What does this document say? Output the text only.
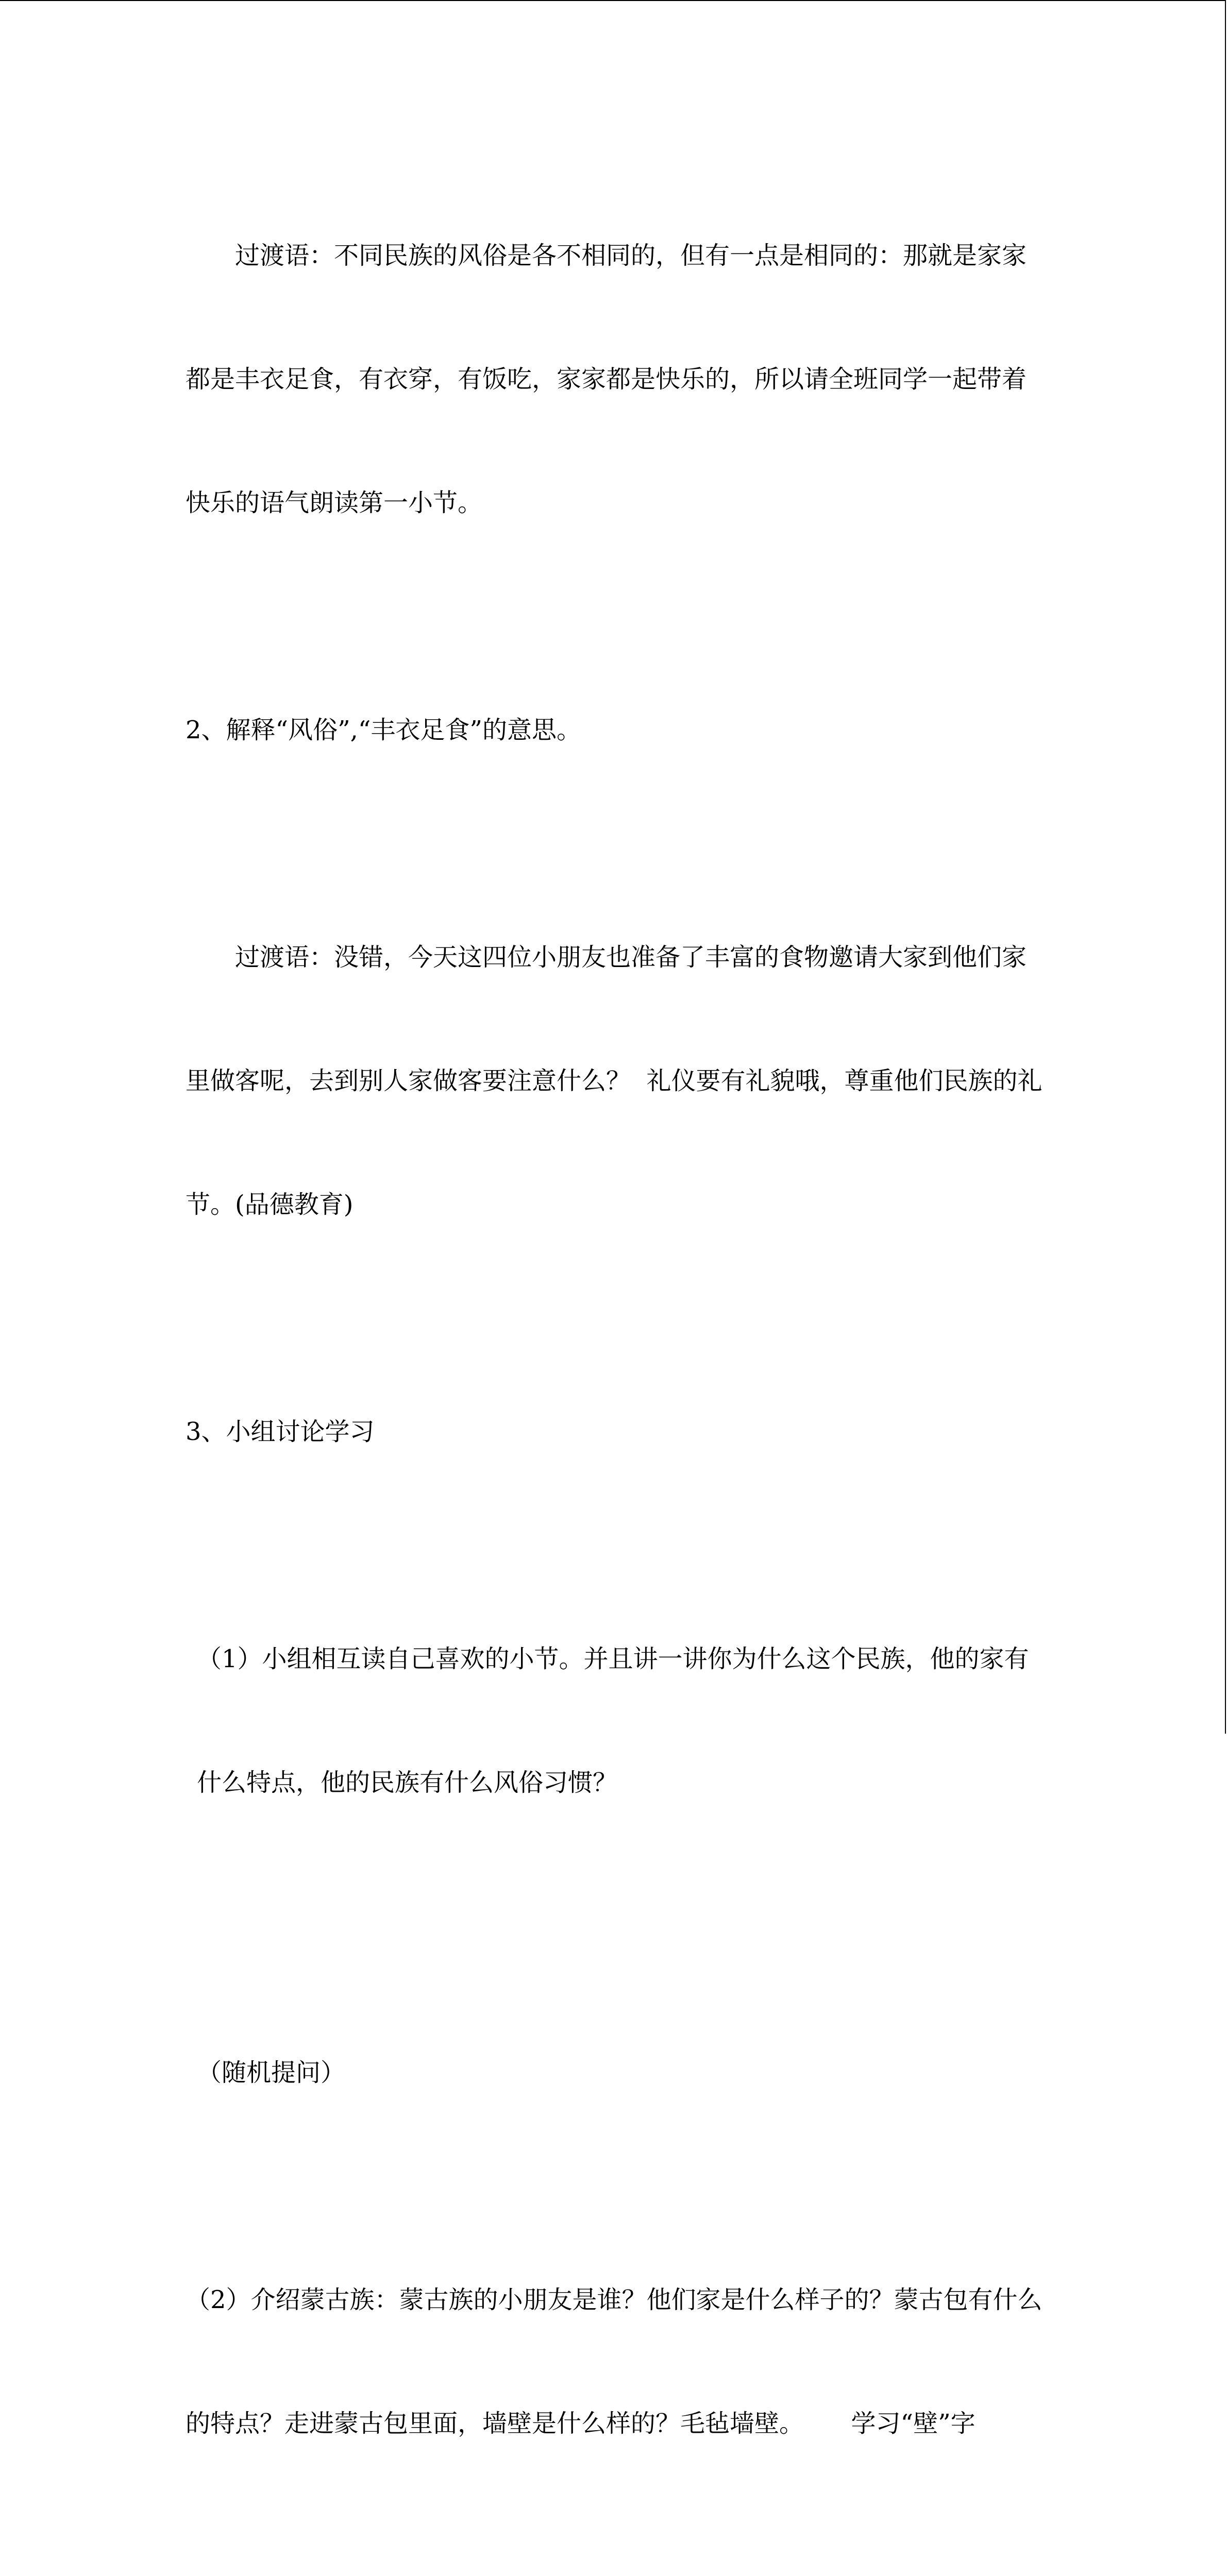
过渡语：不同民族的风俗是各不相同的，但有一点是相同的：那就是家家

都是丰衣足食，有衣穿，有饭吃，家家都是快乐的，所以请全班同学一起带着

快乐的语气朗读第一小节。

2、解释“风俗”,“丰衣足食”的意思。

过渡语：没错，今天这四位小朋友也准备了丰富的食物邀请大家到他们家

里做客呢，去到别人家做客要注意什么？  礼仪要有礼貌哦，尊重他们民族的礼

节。(品德教育)

3、小组讨论学习

（1）小组相互读自己喜欢的小节。并且讲一讲你为什么这个民族，他的家有

什么特点，他的民族有什么风俗习惯？

（随机提问）

（2）介绍蒙古族：蒙古族的小朋友是谁？他们家是什么样子的？蒙古包有什么

的特点？走进蒙古包里面，墙壁是什么样的？毛毡墙壁。      学习“壁”字
